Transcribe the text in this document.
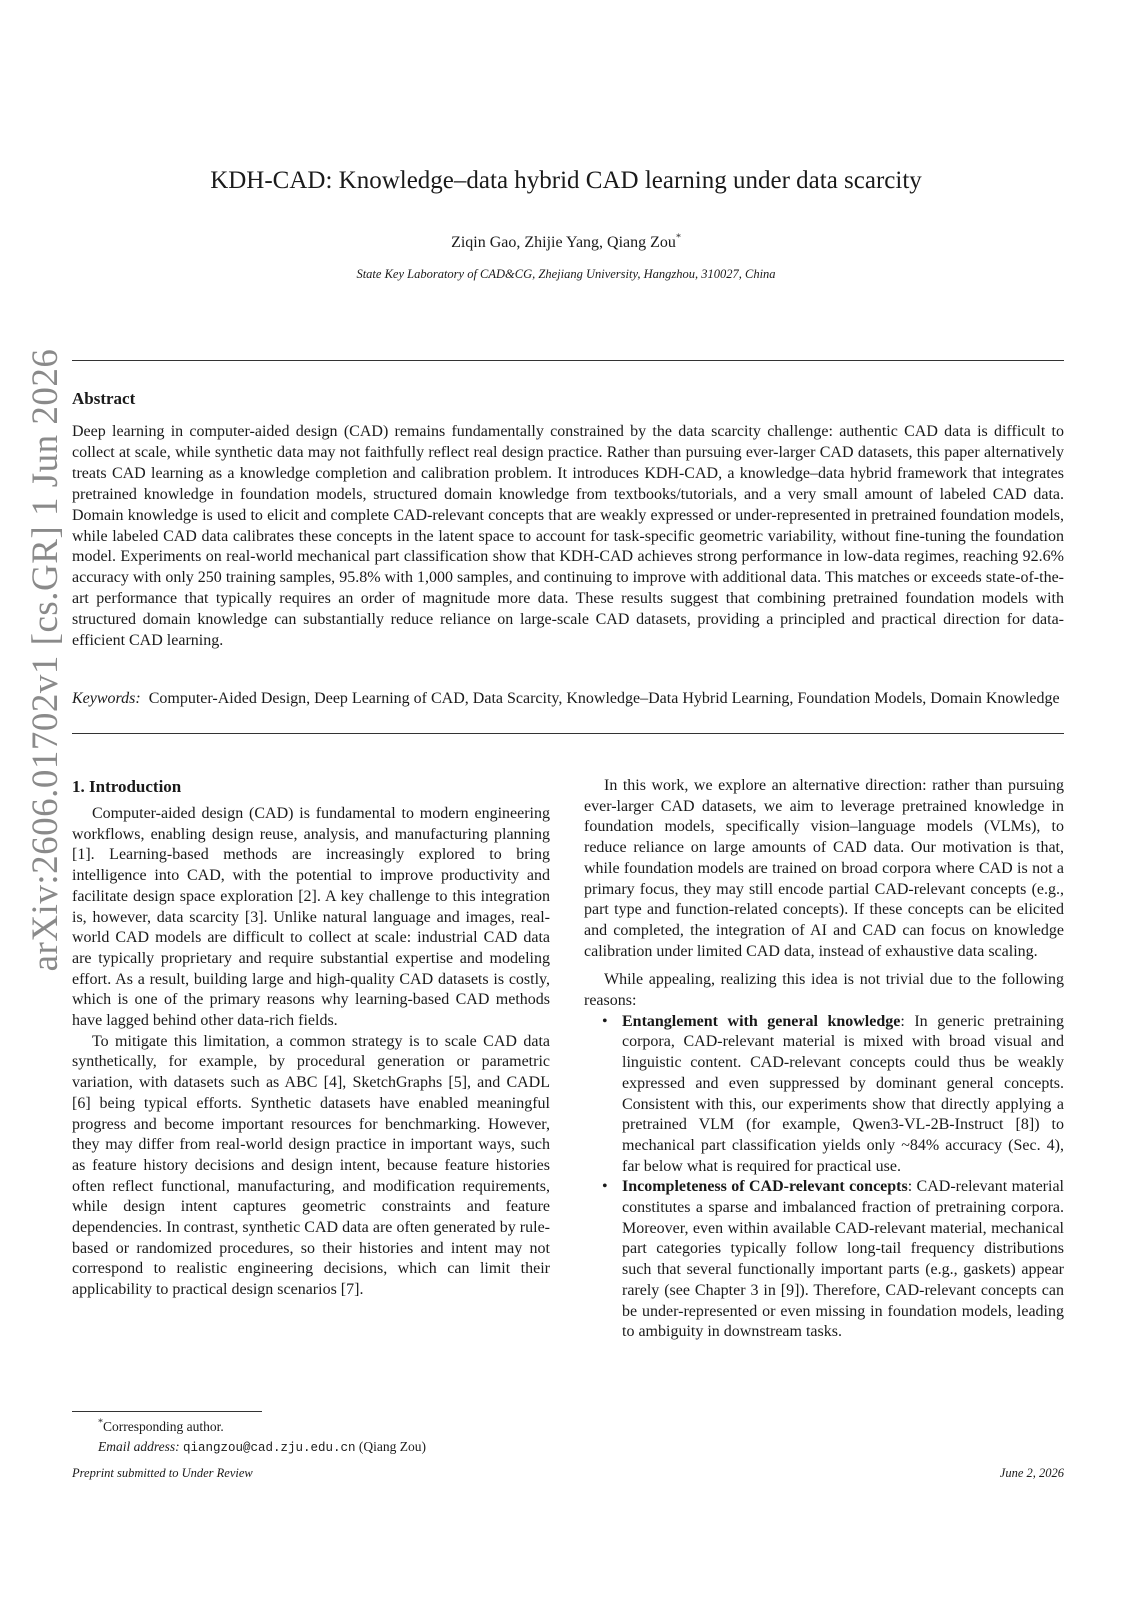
arXiv:2606.01702v1 [cs.GR] 1 Jun 2026
KDH-CAD: Knowledge–data hybrid CAD learning under data scarcity
Ziqin Gao, Zhijie Yang, Qiang Zou*
State Key Laboratory of CAD&CG, Zhejiang University, Hangzhou, 310027, China
Abstract

Deep learning in computer-aided design (CAD) remains fundamentally constrained by the data scarcity challenge: authentic CAD data is difficult to collect at scale, while synthetic data may not faithfully reflect real design practice. Rather than pursuing ever-larger CAD datasets, this paper alternatively treats CAD learning as a knowledge completion and calibration problem. It introduces KDH-CAD, a knowledge–data hybrid framework that integrates pretrained knowledge in foundation models, structured domain knowledge from textbooks/tutorials, and a very small amount of labeled CAD data. Domain knowledge is used to elicit and complete CAD-relevant concepts that are weakly expressed or under-represented in pretrained foundation models, while labeled CAD data calibrates these concepts in the latent space to account for task-specific geometric variability, without fine-tuning the foundation model. Experiments on real-world mechanical part classification show that KDH-CAD achieves strong performance in low-data regimes, reaching 92.6% accuracy with only 250 training samples, 95.8% with 1,000 samples, and continuing to improve with additional data. This matches or exceeds state-of-the-art performance that typically requires an order of magnitude more data. These results suggest that combining pretrained foundation models with structured domain knowledge can substantially reduce reliance on large-scale CAD datasets, providing a principled and practical direction for data-efficient CAD learning.

Keywords: Computer-Aided Design, Deep Learning of CAD, Data Scarcity, Knowledge–Data Hybrid Learning, Foundation Models, Domain Knowledge

1. Introduction

Computer-aided design (CAD) is fundamental to modern engineering workflows, enabling design reuse, analysis, and manufacturing planning [1]. Learning-based methods are increasingly explored to bring intelligence into CAD, with the potential to improve productivity and facilitate design space exploration [2]. A key challenge to this integration is, however, data scarcity [3]. Unlike natural language and images, real-world CAD models are difficult to collect at scale: industrial CAD data are typically proprietary and require substantial expertise and modeling effort. As a result, building large and high-quality CAD datasets is costly, which is one of the primary reasons why learning-based CAD methods have lagged behind other data-rich fields.

To mitigate this limitation, a common strategy is to scale CAD data synthetically, for example, by procedural generation or parametric variation, with datasets such as ABC [4], SketchGraphs [5], and CADL [6] being typical efforts. Synthetic datasets have enabled meaningful progress and become important resources for benchmarking. However, they may differ from real-world design practice in important ways, such as feature history decisions and design intent, because feature histories often reflect functional, manufacturing, and modification requirements, while design intent captures geometric constraints and feature dependencies. In contrast, synthetic CAD data are often generated by rule-based or randomized procedures, so their histories and intent may not correspond to realistic engineering decisions, which can limit their applicability to practical design scenarios [7].

In this work, we explore an alternative direction: rather than pursuing ever-larger CAD datasets, we aim to leverage pretrained knowledge in foundation models, specifically vision–language models (VLMs), to reduce reliance on large amounts of CAD data. Our motivation is that, while foundation models are trained on broad corpora where CAD is not a primary focus, they may still encode partial CAD-relevant concepts (e.g., part type and function-related concepts). If these concepts can be elicited and completed, the integration of AI and CAD can focus on knowledge calibration under limited CAD data, instead of exhaustive data scaling.

While appealing, realizing this idea is not trivial due to the following reasons:

• Entanglement with general knowledge: In generic pretraining corpora, CAD-relevant material is mixed with broad visual and linguistic content. CAD-relevant concepts could thus be weakly expressed and even suppressed by dominant general concepts. Consistent with this, our experiments show that directly applying a pretrained VLM (for example, Qwen3-VL-2B-Instruct [8]) to mechanical part classification yields only ~84% accuracy (Sec. 4), far below what is required for practical use.
• Incompleteness of CAD-relevant concepts: CAD-relevant material constitutes a sparse and imbalanced fraction of pretraining corpora. Moreover, even within available CAD-relevant material, mechanical part categories typically follow long-tail frequency distributions such that several functionally important parts (e.g., gaskets) appear rarely (see Chapter 3 in [9]). Therefore, CAD-relevant concepts can be under-represented or even missing in foundation models, leading to ambiguity in downstream tasks.
*Corresponding author.
Email address: qiangzou@cad.zju.edu.cn (Qiang Zou)
Preprint submitted to Under Review	June 2, 2026
